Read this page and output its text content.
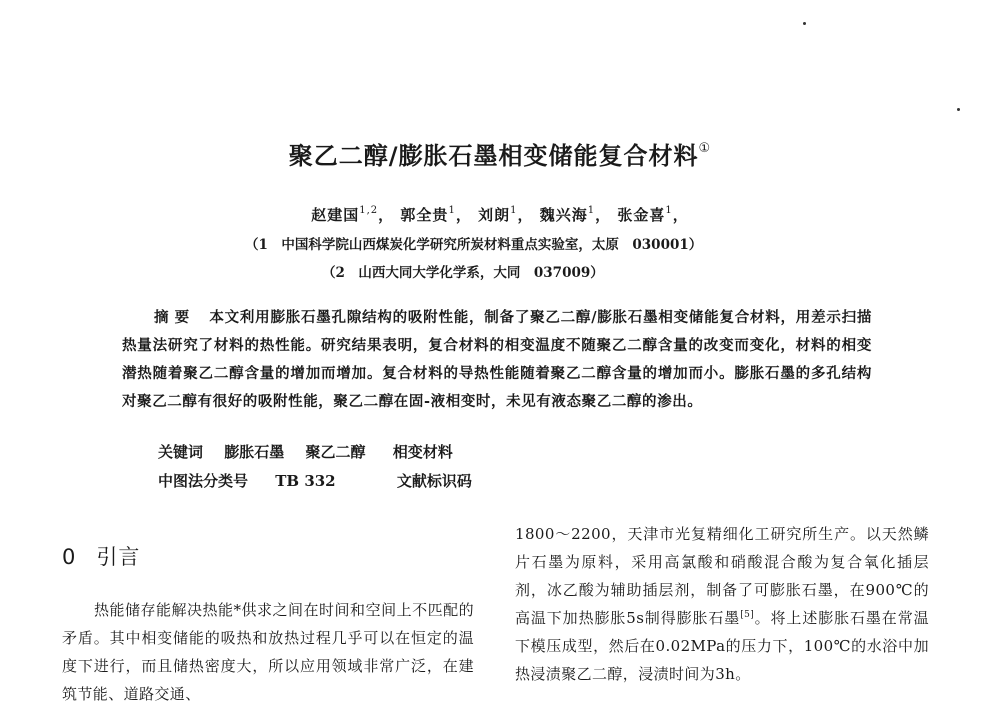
聚乙二醇/膨胀石墨相变储能复合材料①
赵建国$^{1,2}$， 郭全贵$^1$， 刘朗$^1$， 魏兴海$^1$， 张金喜$^1$，
（1　中国科学院山西煤炭化学研究所炭材料重点实验室，太原　030001）
（2　山西大同大学化学系，大同　037009）
摘要 本文利用膨胀石墨孔隙结构的吸附性能，制备了聚乙二醇/膨胀石墨相变储能复合材料，用差示扫描热量法研究了材料的热性能。研究结果表明，复合材料的相变温度不随聚乙二醇含量的改变而变化，材料的相变潜热随着聚乙二醇含量的增加而增加。复合材料的导热性能随着聚乙二醇含量的增加而小。膨胀石墨的多孔结构对聚乙二醇有很好的吸附性能，聚乙二醇在固-液相变时，未见有液态聚乙二醇的渗出。
关键词 膨胀石墨 聚乙二醇 相变材料
中图法分类号 TB 332	文献标识码
0 引言
热能储存能解决热能*供求之间在时间和空间上不匹配的矛盾。其中相变储能的吸热和放热过程几乎可以在恒定的温度下进行，而且储热密度大，所以应用领域非常广泛，在建筑节能、道路交通、
1800～2200，天津市光复精细化工研究所生产。以天然鳞片石墨为原料，采用高氯酸和硝酸混合酸为复合氧化插层剂，冰乙酸为辅助插层剂，制备了可膨胀石墨，在900℃的高温下加热膨胀5s制得膨胀石墨[5]。将上述膨胀石墨在常温下模压成型，然后在0.02MPa的压力下，100℃的水浴中加热浸渍聚乙二醇，浸渍时间为3h。
